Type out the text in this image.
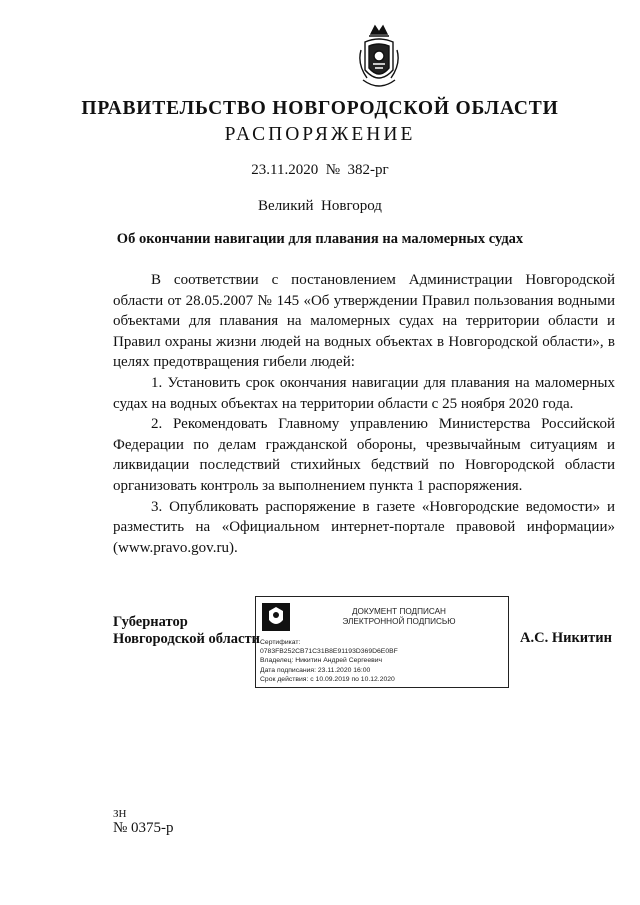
ПРАВИТЕЛЬСТВО НОВГОРОДСКОЙ ОБЛАСТИ
РАСПОРЯЖЕНИЕ
23.11.2020  №  382-рг
Великий  Новгород
Об окончании навигации для плавания на маломерных судах

В соответствии с постановлением Администрации Новгородской области от 28.05.2007 № 145 «Об утверждении Правил пользования водными объектами для плавания на маломерных судах на территории области и Правил охраны жизни людей на водных объектах в Новгородской области», в целях предотвращения гибели людей:

1. Установить срок окончания навигации для плавания на маломерных судах на водных объектах на территории области с 25 ноября 2020 года.

2. Рекомендовать Главному управлению Министерства Российской Федерации по делам гражданской обороны, чрезвычайным ситуациям и ликвидации последствий стихийных бедствий по Новгородской области организовать контроль за выполнением пункта 1 распоряжения.

3. Опубликовать распоряжение в газете «Новгородские ведомости» и разместить на «Официальном интернет-портале правовой информации» (www.pravo.gov.ru).

Губернатор
Новгородской области
ДОКУМЕНТ ПОДПИСАН
ЭЛЕКТРОННОЙ ПОДПИСЬЮ
Сертификат:
0783FB252CB71C31B8E91193D369D6E0BF
Владелец: Никитин Андрей Сергеевич
Дата подписания: 23.11.2020 16:00
Срок действия: с 10.09.2019 по 10.12.2020
А.С. Никитин
ЗН
№ 0375-р
